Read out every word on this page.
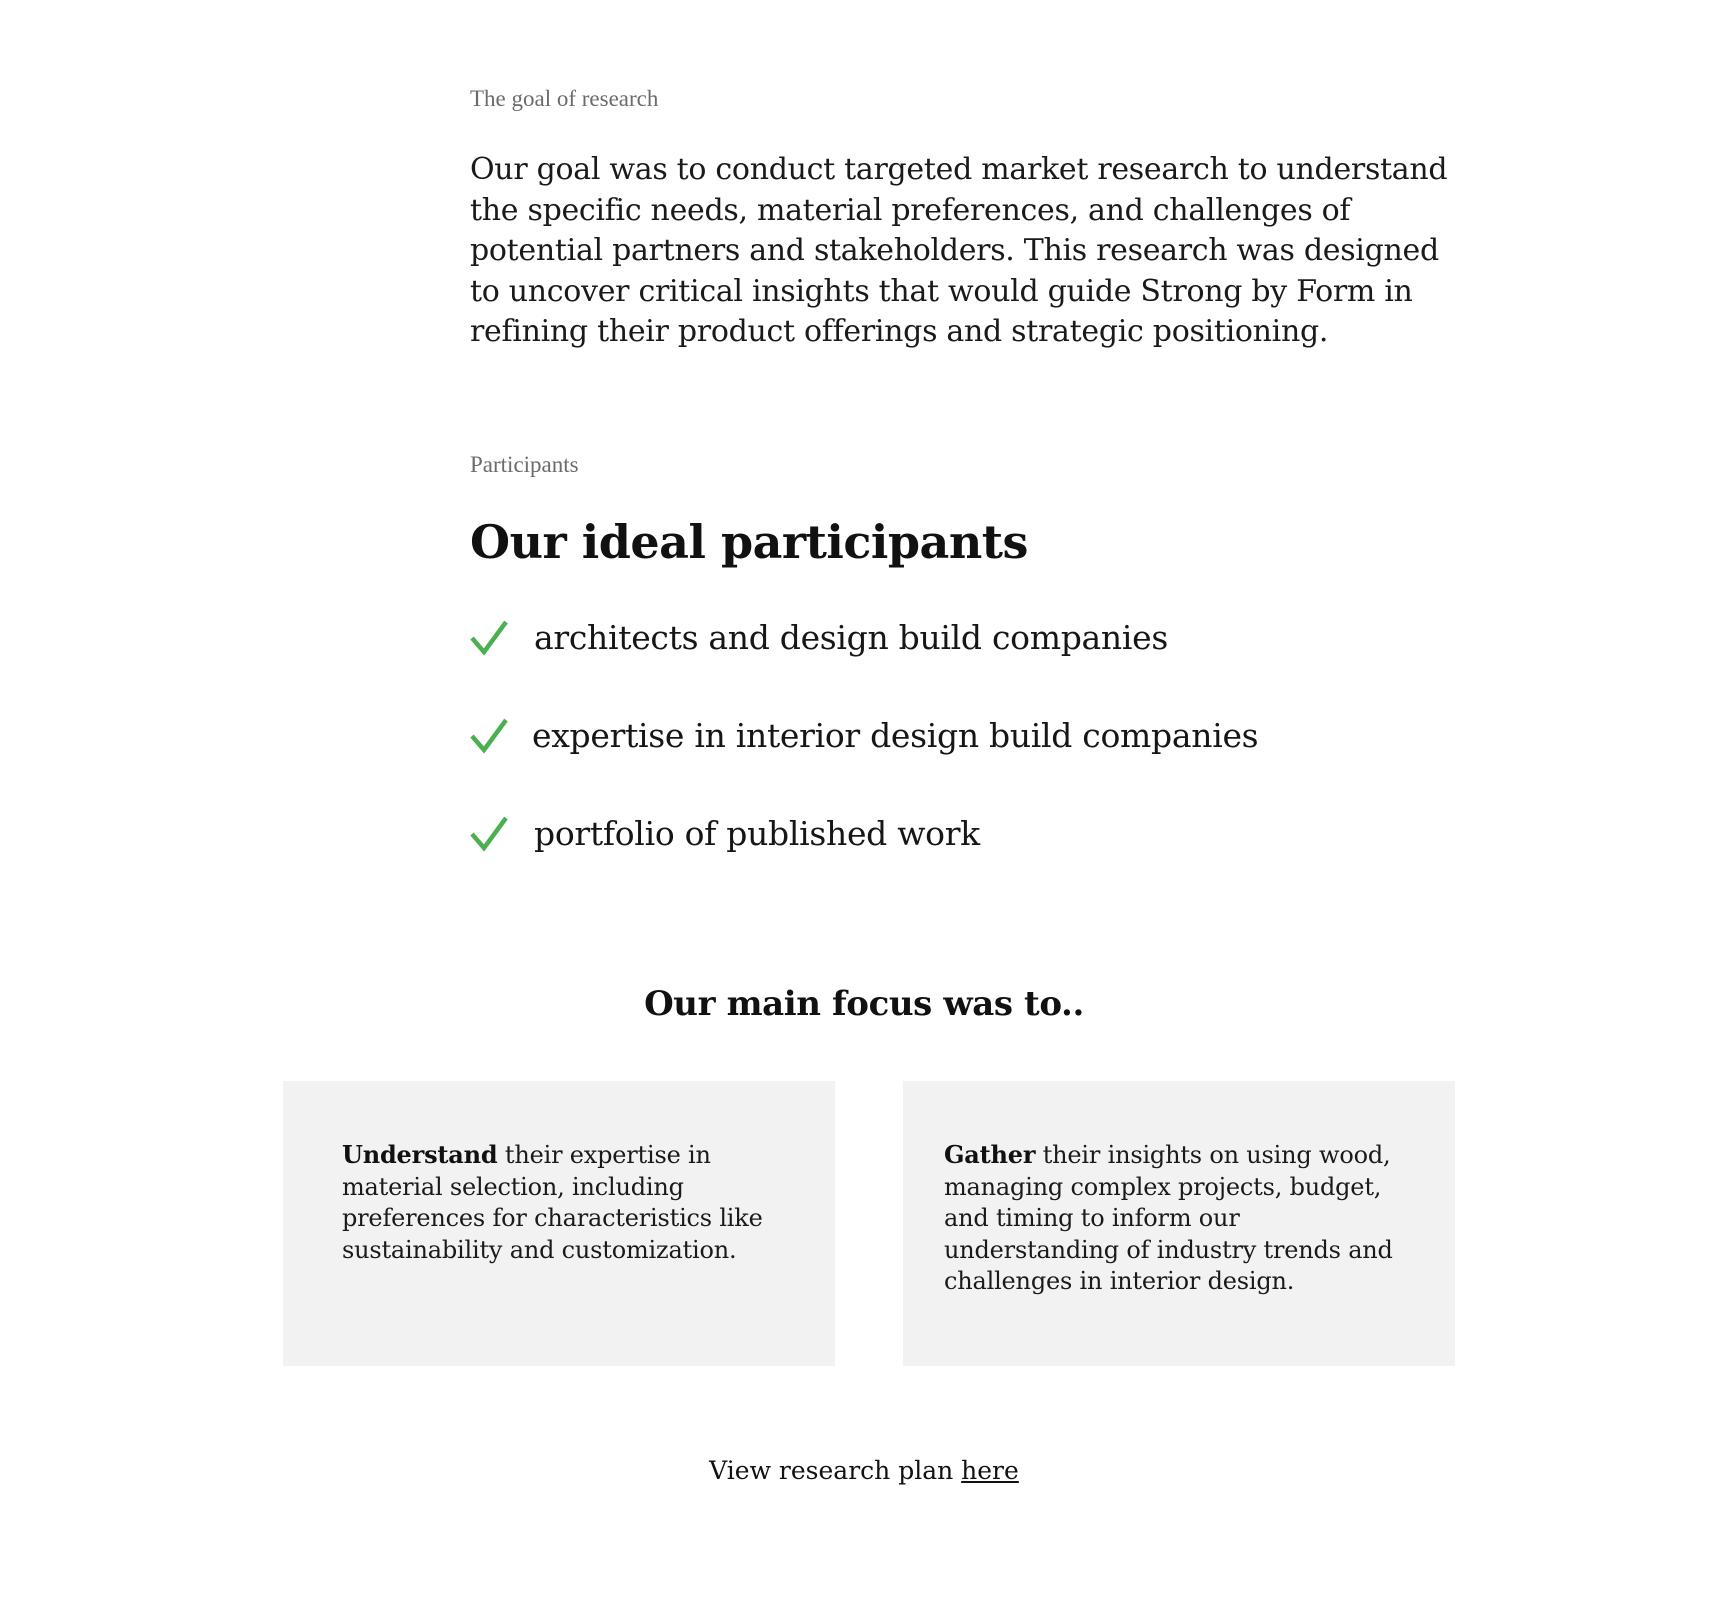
The goal of research

Our goal was to conduct targeted market research to understand the specific needs, material preferences, and challenges of potential partners and stakeholders. This research was designed to uncover critical insights that would guide Strong by Form in refining their product offerings and strategic positioning.

Participants

Our ideal participants
architects and design build companies
expertise in interior design build companies
portfolio of published work
Our main focus was to..

Understand their expertise in material selection, including preferences for characteristics like sustainability and customization.

Gather their insights on using wood, managing complex projects, budget, and timing to inform our understanding of industry trends and challenges in interior design.

View research plan here
